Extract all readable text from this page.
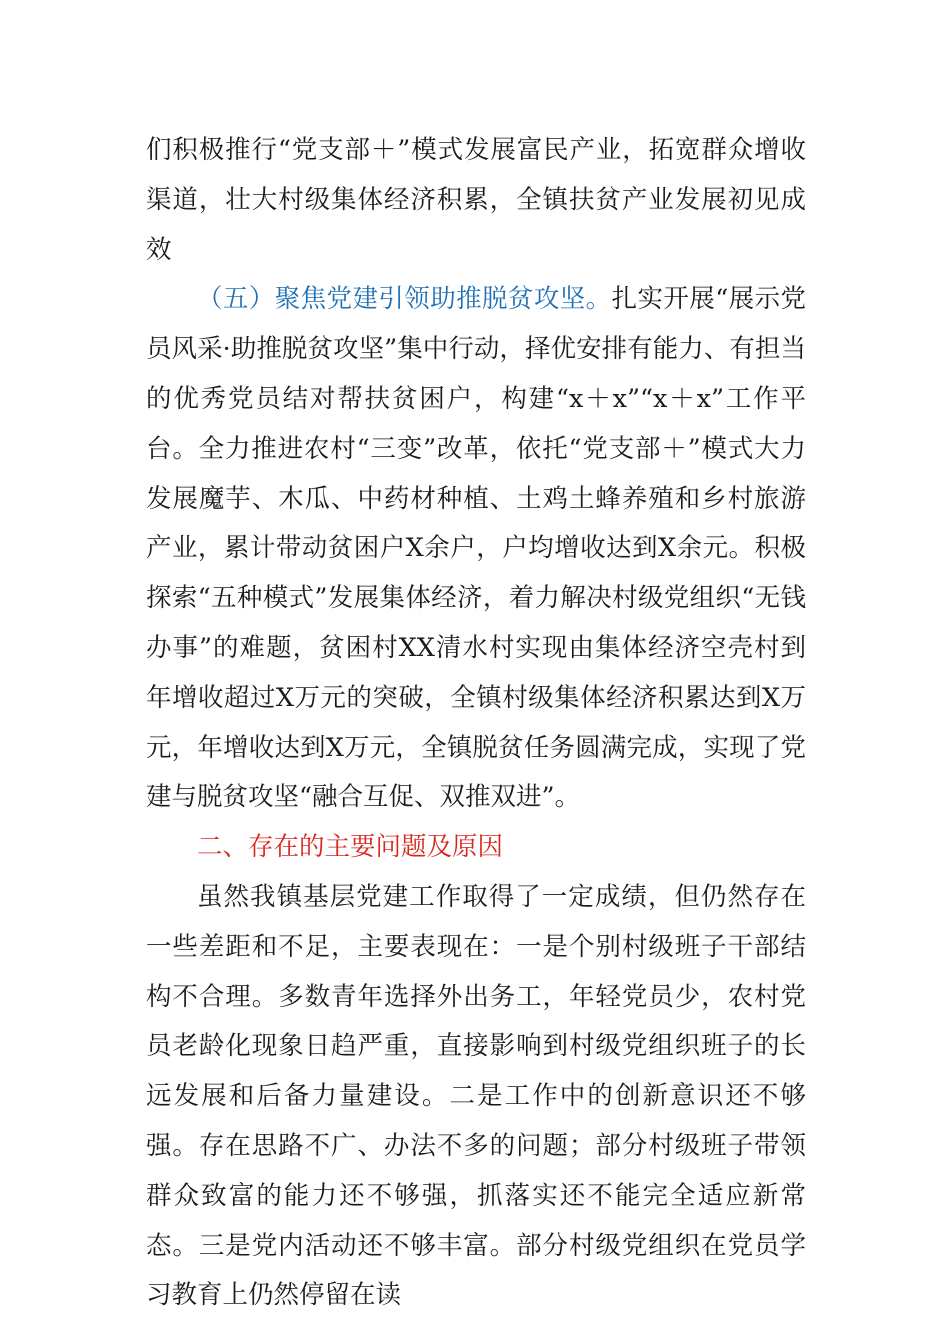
们积极推行“党支部＋”模式发展富民产业，拓宽群众增收渠道，壮大村级集体经济积累，全镇扶贫产业发展初见成效

（五）聚焦党建引领助推脱贫攻坚。扎实开展“展示党员风采·助推脱贫攻坚”集中行动，择优安排有能力、有担当的优秀党员结对帮扶贫困户，构建“x＋x”“x＋x”工作平台。全力推进农村“三变”改革，依托“党支部＋”模式大力发展魔芋、木瓜、中药材种植、土鸡土蜂养殖和乡村旅游产业，累计带动贫困户X余户，户均增收达到X余元。积极探索“五种模式”发展集体经济，着力解决村级党组织“无钱办事”的难题，贫困村XX清水村实现由集体经济空壳村到年增收超过X万元的突破，全镇村级集体经济积累达到X万元，年增收达到X万元，全镇脱贫任务圆满完成，实现了党建与脱贫攻坚“融合互促、双推双进”。

二、存在的主要问题及原因

虽然我镇基层党建工作取得了一定成绩，但仍然存在一些差距和不足，主要表现在：一是个别村级班子干部结构不合理。多数青年选择外出务工，年轻党员少，农村党员老龄化现象日趋严重，直接影响到村级党组织班子的长远发展和后备力量建设。二是工作中的创新意识还不够强。存在思路不广、办法不多的问题；部分村级班子带领群众致富的能力还不够强，抓落实还不能完全适应新常态。三是党内活动还不够丰富。部分村级党组织在党员学习教育上仍然停留在读
